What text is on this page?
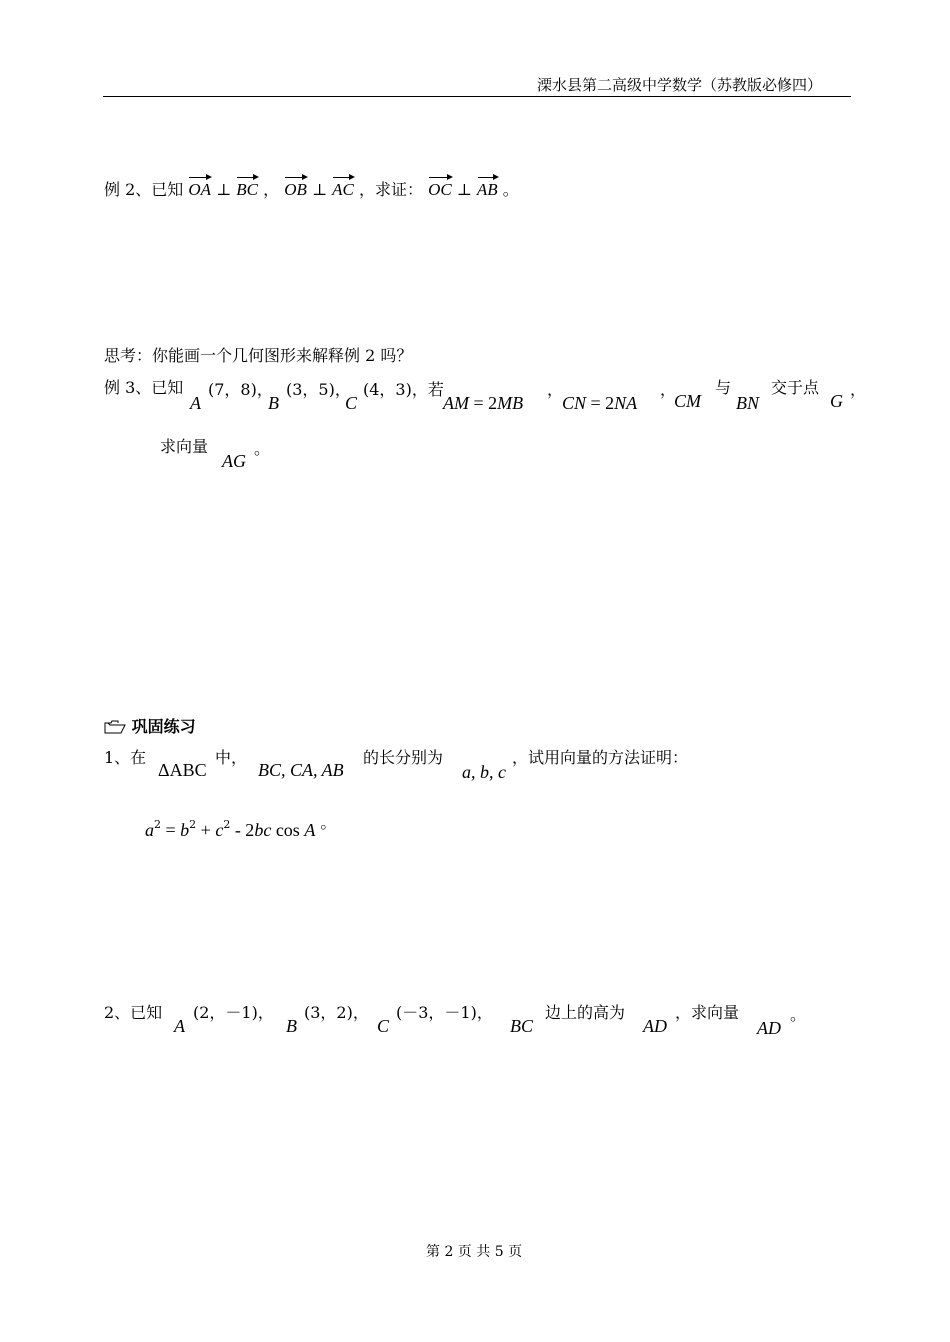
溧水县第二高级中学数学（苏教版必修四）
例 2、已知 OA ⊥ BC ， OB ⊥ AC ，求证： OC ⊥ AB 。
思考：你能画一个几何图形来解释例 2 吗？
例 3、已知
A
(7，8)，
B
(3，5)，
C
(4，3)，若
AM = 2MB
，
CN = 2NA
，
CM
与
BN
交于点
G
，
求向量
AG
。
巩固练习
1、在
ΔABC
中，
BC, CA, AB
的长分别为
a, b, c
，试用向量的方法证明：
$a^2 = b^2 + c^2 - 2bc$ cos A 。
2、已知
A
(2，－1)，
B
(3，2)，
C
(－3，－1)，
BC
边上的高为
AD
，求向量
AD
。
第 2 页 共 5 页
